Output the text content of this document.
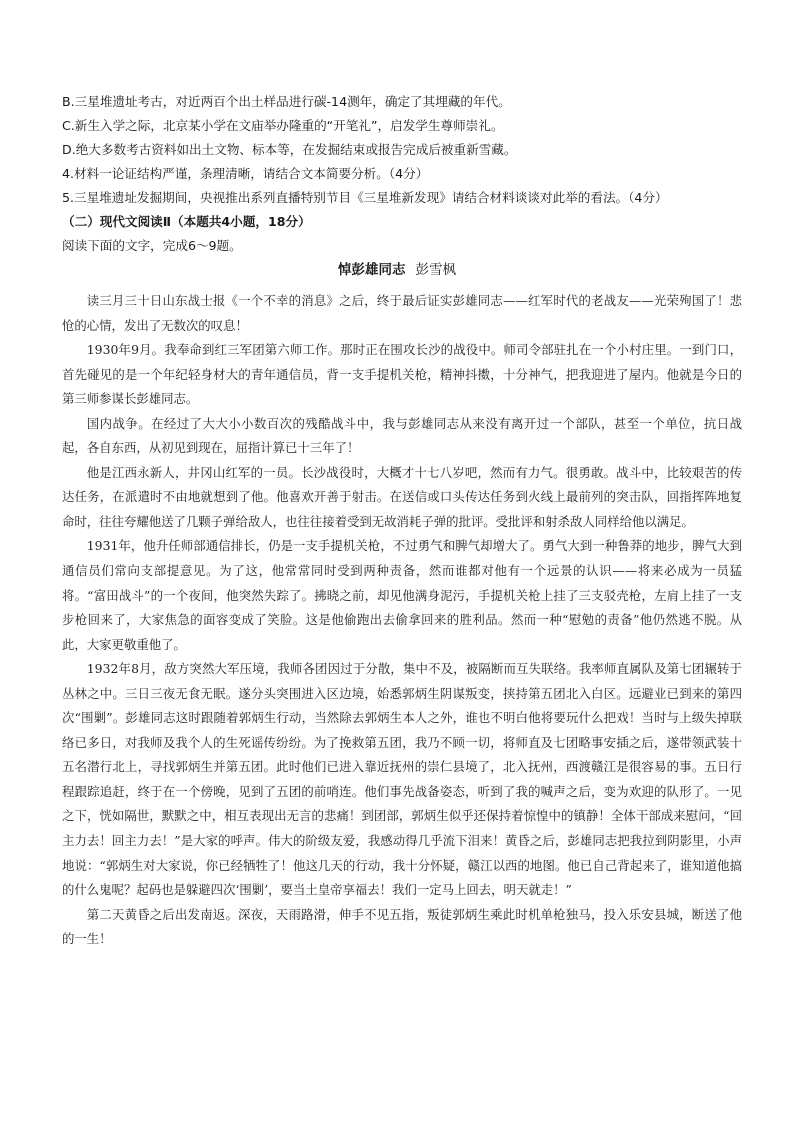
B.三星堆遗址考古，对近两百个出土样品进行碳-14测年，确定了其埋藏的年代。
C.新生入学之际，北京某小学在文庙举办隆重的“开笔礼”，启发学生尊师崇礼。
D.绝大多数考古资料如出土文物、标本等，在发掘结束或报告完成后被重新雪藏。
4.材料一论证结构严谨，条理清晰，请结合文本简要分析。（4分）
5.三星堆遗址发掘期间，央视推出系列直播特别节目《三星堆新发现》请结合材料谈谈对此举的看法。（4分）
（二）现代文阅读Ⅱ（本题共4小题，18分）
阅读下面的文字，完成6～9题。
悼彭雄同志 彭雪枫

读三月三十日山东战士报《一个不幸的消息》之后，终于最后证实彭雄同志——红军时代的老战友——光荣殉国了！悲怆的心情，发出了无数次的叹息！

1930年9月。我奉命到红三军团第六师工作。那时正在围攻长沙的战役中。师司令部驻扎在一个小村庄里。一到门口，首先碰见的是一个年纪轻身材大的青年通信员，背一支手提机关枪，精神抖擞，十分神气，把我迎进了屋内。他就是今日的第三师参谋长彭雄同志。

国内战争。在经过了大大小小数百次的残酷战斗中，我与彭雄同志从来没有离开过一个部队，甚至一个单位，抗日战起，各自东西，从初见到现在，屈指计算已十三年了！

他是江西永新人，井冈山红军的一员。长沙战役时，大概才十七八岁吧，然而有力气。很勇敢。战斗中，比较艰苦的传达任务，在派遣时不由地就想到了他。他喜欢开善于射击。在送信或口头传达任务到火线上最前列的突击队，回指挥阵地复命时，往往夸耀他送了几颗子弹给敌人，也往往接着受到无故消耗子弹的批评。受批评和射杀敌人同样给他以满足。

1931年，他升任师部通信排长，仍是一支手提机关枪，不过勇气和脾气却增大了。勇气大到一种鲁莽的地步，脾气大到通信员们常向支部提意见。为了这，他常常同时受到两种责备，然而谁都对他有一个远景的认识——将来必成为一员猛将。“富田战斗”的一个夜间，他突然失踪了。拂晓之前，却见他满身泥污，手提机关枪上挂了三支驳壳枪，左肩上挂了一支步枪回来了，大家焦急的面容变成了笑脸。这是他偷跑出去偷拿回来的胜利品。然而一种“慰勉的责备”他仍然逃不脱。从此，大家更敬重他了。

1932年8月，敌方突然大军压境，我师各团因过于分散，集中不及，被隔断而互失联络。我率师直属队及第七团辗转于丛林之中。三日三夜无食无眠。遂分头突围进入区边境，始悉郭炳生阴谋叛变，挟持第五团北入白区。远避业已到来的第四次“围剿”。彭雄同志这时跟随着郭炳生行动，当然除去郭炳生本人之外，谁也不明白他将要玩什么把戏！当时与上级失掉联络已多日，对我师及我个人的生死谣传纷纷。为了挽救第五团，我乃不顾一切，将师直及七团略事安插之后，遂带领武装十五名潜行北上，寻找郭炳生并第五团。此时他们已进入靠近抚州的崇仁县境了，北入抚州，西渡赣江是很容易的事。五日行程跟踪追赶，终于在一个傍晚，见到了五团的前哨连。他们事先战备姿态，听到了我的喊声之后，变为欢迎的队形了。一见之下，恍如隔世，默默之中，相互表现出无言的悲痛！到团部，郭炳生似乎还保持着惊惶中的镇静！全体干部成来慰问，“回主力去！回主力去！”是大家的呼声。伟大的阶级友爱，我感动得几乎流下泪来！黄昏之后，彭雄同志把我拉到阴影里，小声地说：“郭炳生对大家说，你已经牺牲了！他这几天的行动，我十分怀疑，赣江以西的地图。他已自己背起来了，谁知道他搞的什么鬼呢？起码也是躲避四次‘围剿’，要当土皇帝享福去！我们一定马上回去，明天就走！”

第二天黄昏之后出发南返。深夜，天雨路滑，伸手不见五指，叛徒郭炳生乘此时机单枪独马，投入乐安县城，断送了他的一生！
